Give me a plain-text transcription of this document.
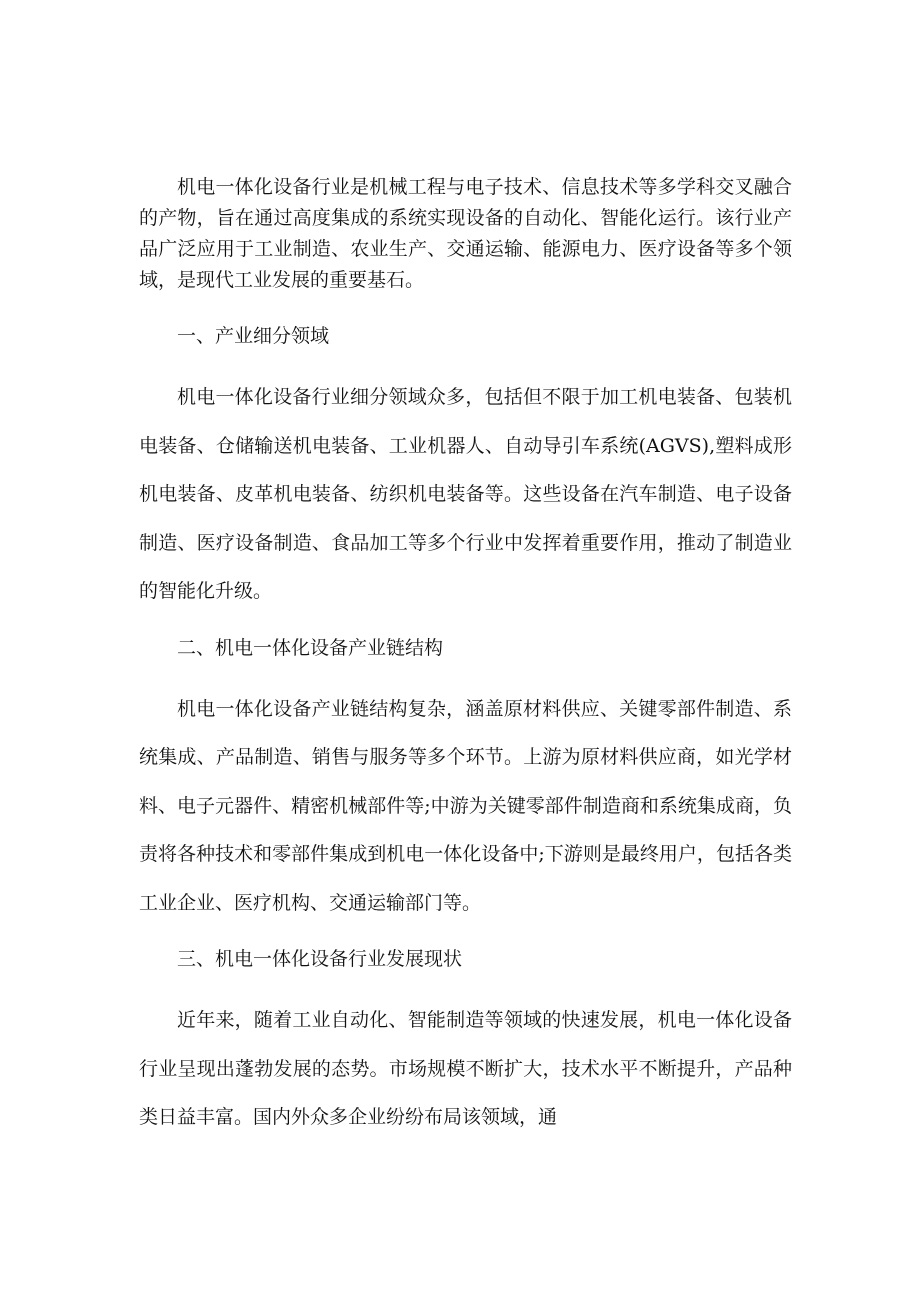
机电一体化设备行业是机械工程与电子技术、信息技术等多学科交叉融合的产物，旨在通过高度集成的系统实现设备的自动化、智能化运行。该行业产品广泛应用于工业制造、农业生产、交通运输、能源电力、医疗设备等多个领域，是现代工业发展的重要基石。

一、产业细分领域

机电一体化设备行业细分领域众多，包括但不限于加工机电装备、包装机电装备、仓储输送机电装备、工业机器人、自动导引车系统(AGVS),塑料成形机电装备、皮革机电装备、纺织机电装备等。这些设备在汽车制造、电子设备制造、医疗设备制造、食品加工等多个行业中发挥着重要作用，推动了制造业的智能化升级。

二、机电一体化设备产业链结构

机电一体化设备产业链结构复杂，涵盖原材料供应、关键零部件制造、系统集成、产品制造、销售与服务等多个环节。上游为原材料供应商，如光学材料、电子元器件、精密机械部件等;中游为关键零部件制造商和系统集成商，负责将各种技术和零部件集成到机电一体化设备中;下游则是最终用户，包括各类工业企业、医疗机构、交通运输部门等。

三、机电一体化设备行业发展现状

近年来，随着工业自动化、智能制造等领域的快速发展，机电一体化设备行业呈现出蓬勃发展的态势。市场规模不断扩大，技术水平不断提升，产品种类日益丰富。国内外众多企业纷纷布局该领域，通
